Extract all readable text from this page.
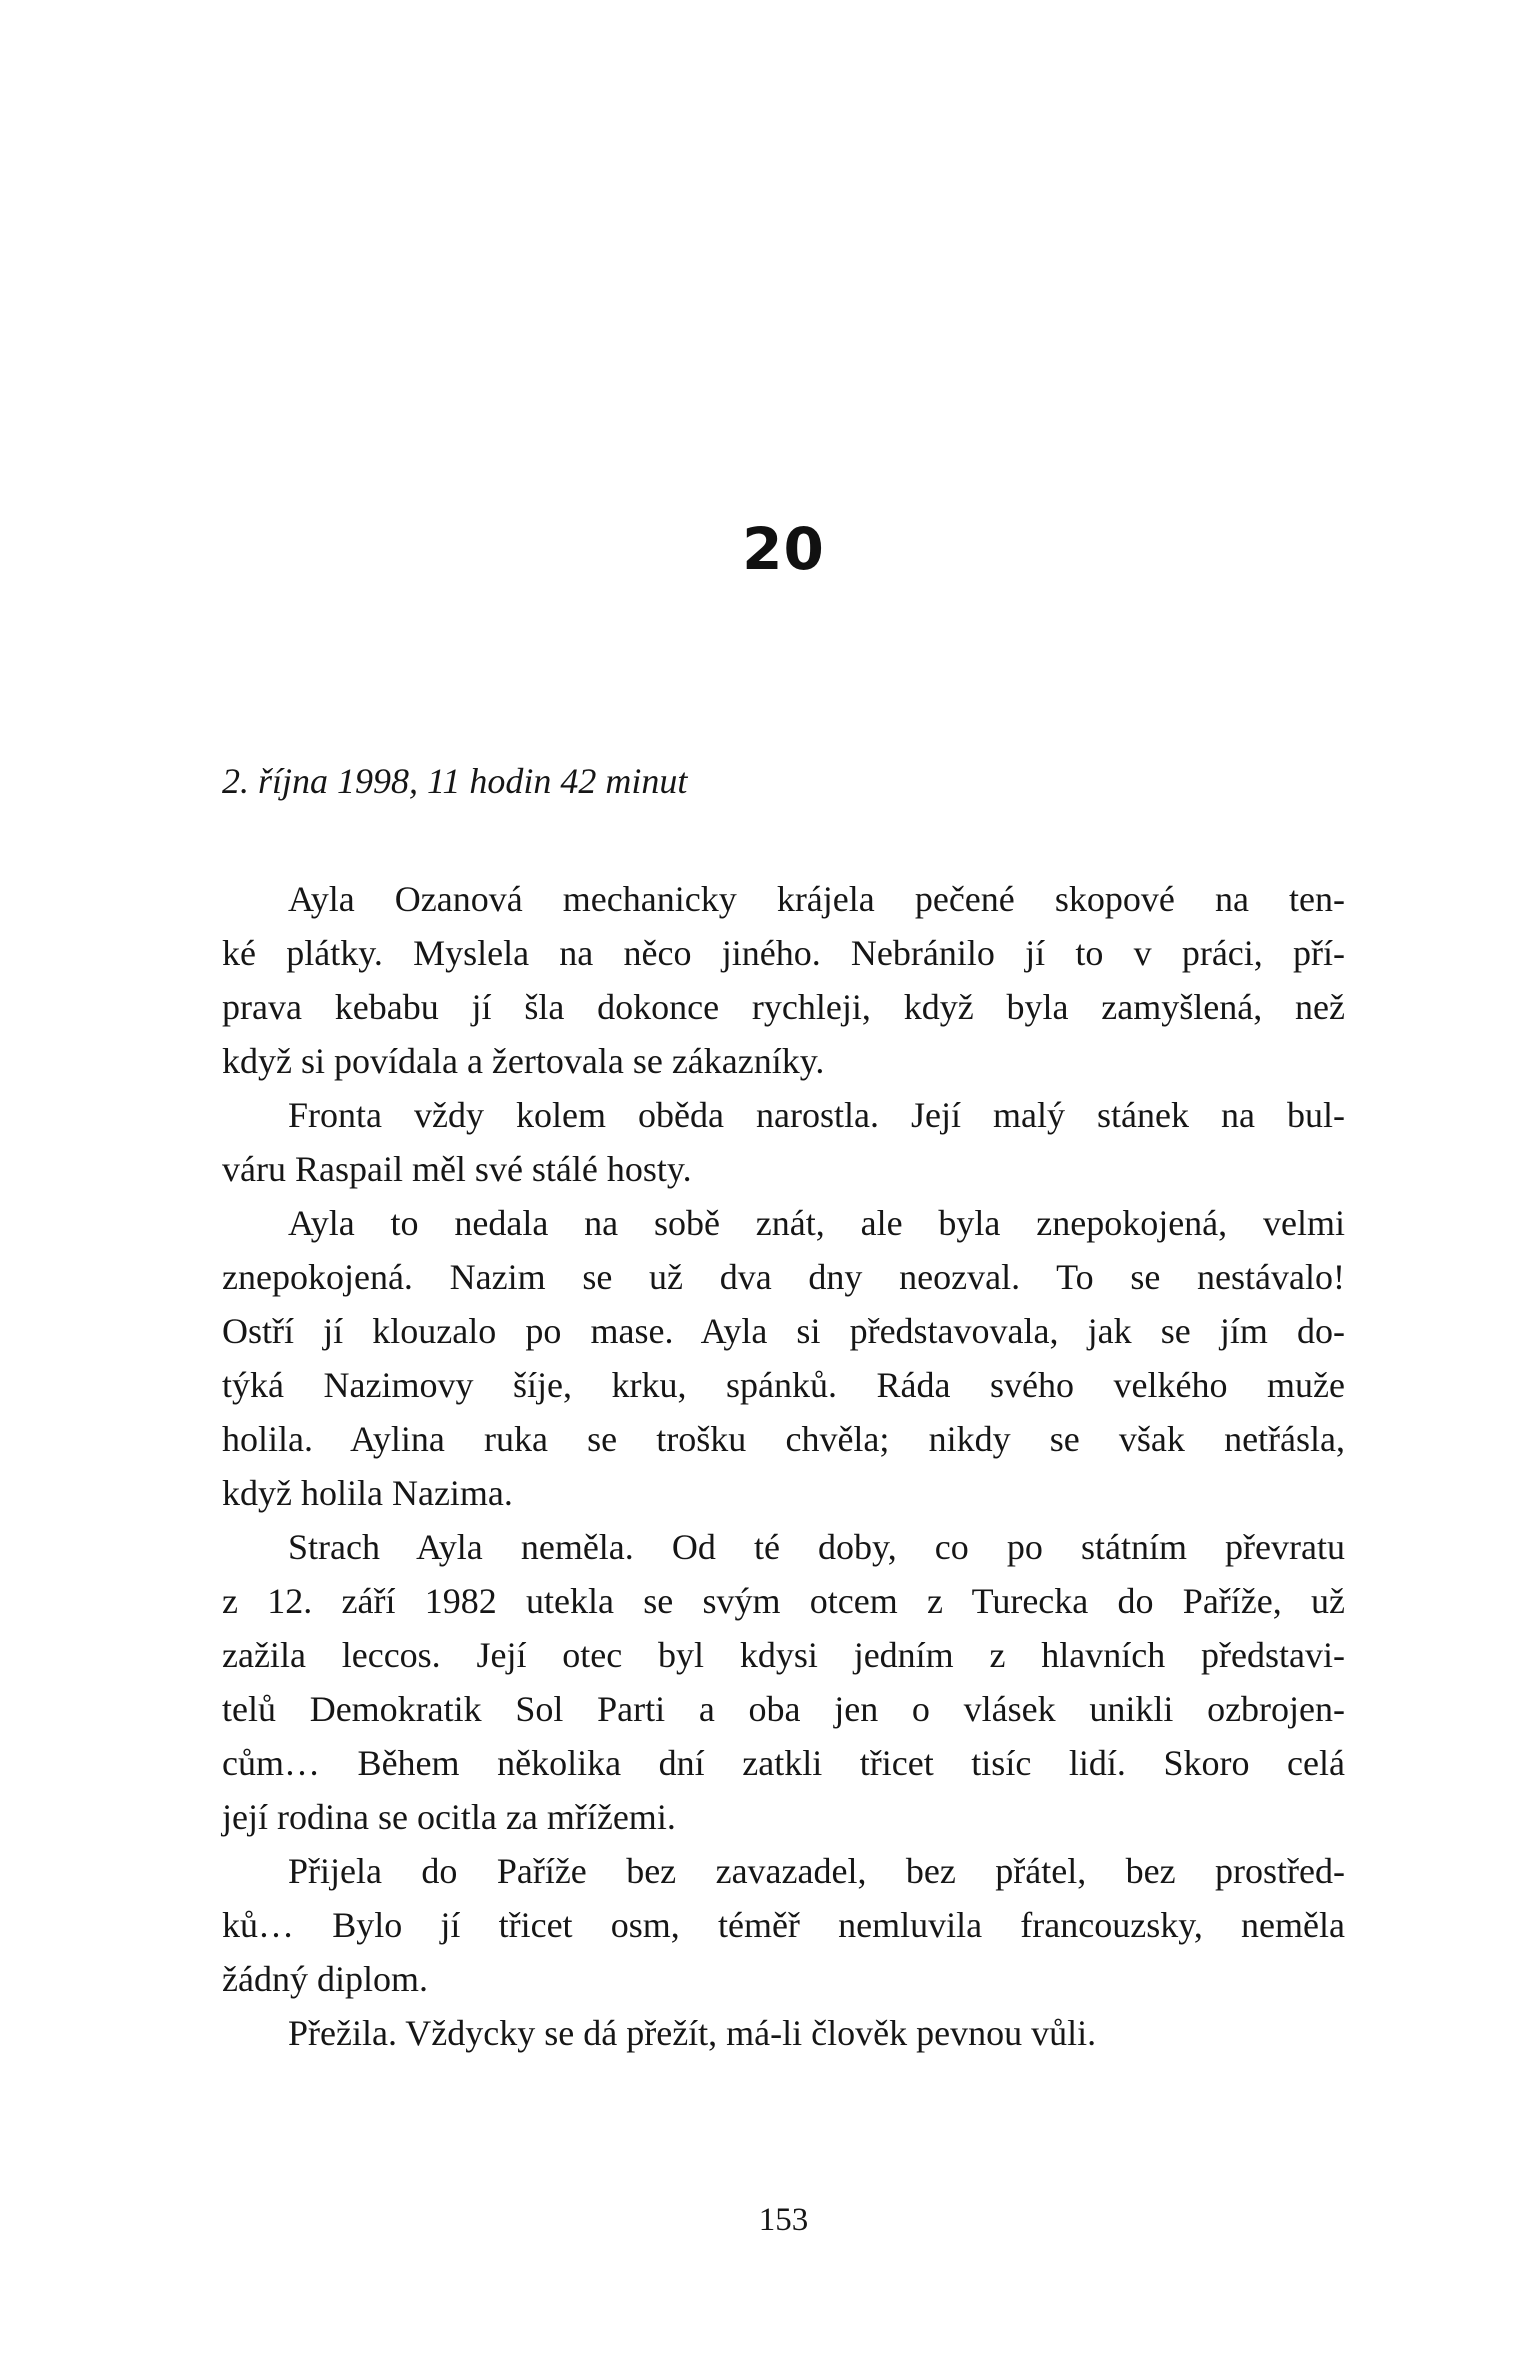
20
2. října 1998, 11 hodin 42 minut
Ayla Ozanová mechanicky krájela pečené skopové na ten-
ké plátky. Myslela na něco jiného. Nebránilo jí to v práci, pří-
prava kebabu jí šla dokonce rychleji, když byla zamyšlená, než
když si povídala a žertovala se zákazníky.
Fronta vždy kolem oběda narostla. Její malý stánek na bul-
váru Raspail měl své stálé hosty.
Ayla to nedala na sobě znát, ale byla znepokojená, velmi
znepokojená. Nazim se už dva dny neozval. To se nestávalo!
Ostří jí klouzalo po mase. Ayla si představovala, jak se jím do-
týká Nazimovy šíje, krku, spánků. Ráda svého velkého muže
holila. Aylina ruka se trošku chvěla; nikdy se však netřásla,
když holila Nazima.
Strach Ayla neměla. Od té doby, co po státním převratu
z 12. září 1982 utekla se svým otcem z Turecka do Paříže, už
zažila leccos. Její otec byl kdysi jedním z hlavních představi-
telů Demokratik Sol Parti a oba jen o vlásek unikli ozbrojen-
cům… Během několika dní zatkli třicet tisíc lidí. Skoro celá
její rodina se ocitla za mřížemi.
Přijela do Paříže bez zavazadel, bez přátel, bez prostřed-
ků… Bylo jí třicet osm, téměř nemluvila francouzsky, neměla
žádný diplom.
Přežila. Vždycky se dá přežít, má-li člověk pevnou vůli.
153
